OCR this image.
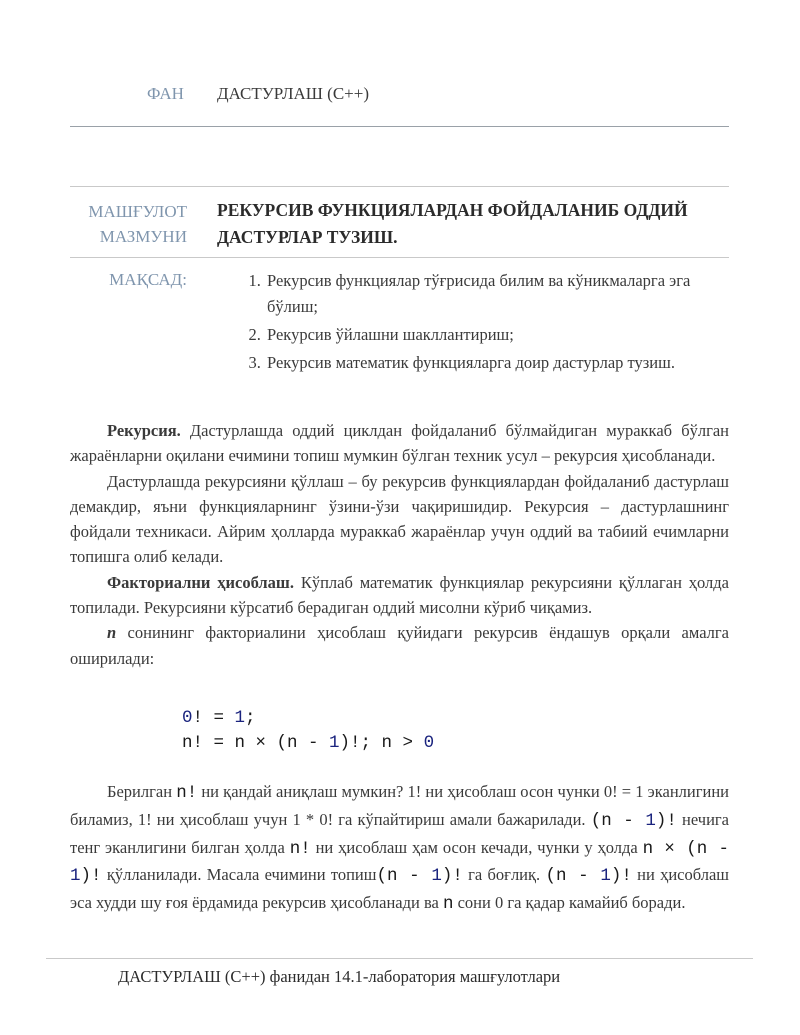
ФАН ДАСТУРЛАШ (С++)
МАШҒУЛОТ
МАЗМУНИ
РЕКУРСИВ ФУНКЦИЯЛАРДАН ФОЙДАЛАНИБ ОДДИЙ
ДАСТУРЛАР ТУЗИШ.
МАҚСАД:
1.	Рекурсив функциялар тўғрисида билим ва кўникмаларга эга бўлиш;
2. Рекурсив ўйлашни шакллантириш;
3. Рекурсив математик функцияларга доир дастурлар тузиш.

Рекурсия. Дастурлашда оддий циклдан фойдаланиб бўлмайдиган мураккаб бўлган жараёнларни оқилани ечимини топиш мумкин бўлган техник усул – рекурсия ҳисобланади.

Дастурлашда рекурсияни қўллаш – бу рекурсив функциялардан фойдаланиб дастурлаш демакдир, яъни функцияларнинг ўзини-ўзи чақиришидир. Рекурсия – дастурлашнинг фойдали техникаси. Айрим ҳолларда мураккаб жараёнлар учун оддий ва табиий ечимларни топишга олиб келади.

Факториални ҳисоблаш. Кўплаб математик функциялар рекурсияни қўллаган ҳолда топилади. Рекурсияни кўрсатиб берадиган оддий мисолни кўриб чиқамиз.

n сонининг факториалини ҳисоблаш қуйидаги рекурсив ёндашув орқали амалга оширилади:

0! = 1;
n! = n × (n - 1)!; n > 0

Берилган n! ни қандай аниқлаш мумкин? 1! ни ҳисоблаш осон чунки 0! = 1 эканлигини биламиз, 1! ни ҳисоблаш учун 1 * 0! га кўпайтириш амали бажарилади. (n - 1)! нечига тенг эканлигини билган ҳолда n! ни ҳисоблаш ҳам осон кечади, чунки у ҳолда n × (n - 1)! қўлланилади. Масала ечимини топиш(n - 1)! га боғлиқ. (n - 1)! ни ҳисоблаш эса худди шу ғоя ёрдамида рекурсив ҳисобланади ва n сони 0 га қадар камайиб боради.

ДАСТУРЛАШ (С++) фанидан 14.1-лаборатория машғулотлари
